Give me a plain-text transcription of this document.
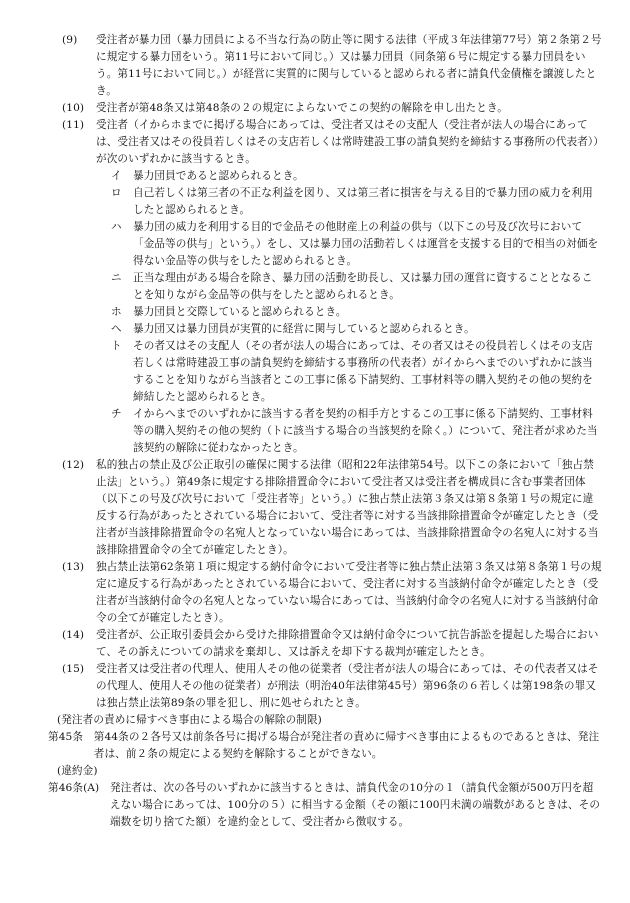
(9)	受注者が暴力団（暴力団員による不当な行為の防止等に関する法律（平成３年法律第77号）第２条第２号に規定する暴力団をいう。第11号において同じ。）又は暴力団員（同条第６号に規定する暴力団員をいう。第11号において同じ。）が経営に実質的に関与していると認められる者に請負代金債権を譲渡したとき。
(10)	受注者が第48条又は第48条の２の規定によらないでこの契約の解除を申し出たとき。
(11)	受注者（イからホまでに掲げる場合にあっては、受注者又はその支配人（受注者が法人の場合にあっては、受注者又はその役員若しくはその支店若しくは常時建設工事の請負契約を締結する事務所の代表者））が次のいずれかに該当するとき。
イ	暴力団員であると認められるとき。
ロ	自己若しくは第三者の不正な利益を図り、又は第三者に損害を与える目的で暴力団の威力を利用したと認められるとき。
ハ	暴力団の威力を利用する目的で金品その他財産上の利益の供与（以下この号及び次号において「金品等の供与」という。）をし、又は暴力団の活動若しくは運営を支援する目的で相当の対価を得ない金品等の供与をしたと認められるとき。
ニ	正当な理由がある場合を除き、暴力団の活動を助長し、又は暴力団の運営に資することとなることを知りながら金品等の供与をしたと認められるとき。
ホ	暴力団員と交際していると認められるとき。
ヘ	暴力団又は暴力団員が実質的に経営に関与していると認められるとき。
ト	その者又はその支配人（その者が法人の場合にあっては、その者又はその役員若しくはその支店若しくは常時建設工事の請負契約を締結する事務所の代表者）がイからへまでのいずれかに該当することを知りながら当該者とこの工事に係る下請契約、工事材料等の購入契約その他の契約を締結したと認められるとき。
チ	イからへまでのいずれかに該当する者を契約の相手方とするこの工事に係る下請契約、工事材料等の購入契約その他の契約（トに該当する場合の当該契約を除く。）について、発注者が求めた当該契約の解除に従わなかったとき。
(12)	私的独占の禁止及び公正取引の確保に関する法律（昭和22年法律第54号。以下この条において「独占禁止法」という。）第49条に規定する排除措置命令において受注者又は受注者を構成員に含む事業者団体（以下この号及び次号において「受注者等」という。）に独占禁止法第３条又は第８条第１号の規定に違反する行為があったとされている場合において、受注者等に対する当該排除措置命令が確定したとき（受注者が当該排除措置命令の名宛人となっていない場合にあっては、当該排除措置命令の名宛人に対する当該排除措置命令の全てが確定したとき）。
(13)	独占禁止法第62条第１項に規定する納付命令において受注者等に独占禁止法第３条又は第８条第１号の規定に違反する行為があったとされている場合において、受注者に対する当該納付命令が確定したとき（受注者が当該納付命令の名宛人となっていない場合にあっては、当該納付命令の名宛人に対する当該納付命令の全てが確定したとき）。
(14)	受注者が、公正取引委員会から受けた排除措置命令又は納付命令について抗告訴訟を提起した場合において、その訴えについての請求を棄却し、又は訴えを却下する裁判が確定したとき。
(15)	受注者又は受注者の代理人、使用人その他の従業者（受注者が法人の場合にあっては、その代表者又はその代理人、使用人その他の従業者）が刑法（明治40年法律第45号）第96条の６若しくは第198条の罪又は独占禁止法第89条の罪を犯し、刑に処せられたとき。
(発注者の責めに帰すべき事由による場合の解除の制限)
第45条　 第44条の２各号又は前条各号に掲げる場合が発注者の責めに帰すべき事由によるものであるときは、発注者は、前２条の規定による契約を解除することができない。
(違約金)
第46条(A)　 発注者は、次の各号のいずれかに該当するときは、請負代金の10分の１（請負代金額が500万円を超えない場合にあっては、100分の５）に相当する金額（その額に100円未満の端数があるときは、その端数を切り捨てた額）を違約金として、受注者から徴収する。
